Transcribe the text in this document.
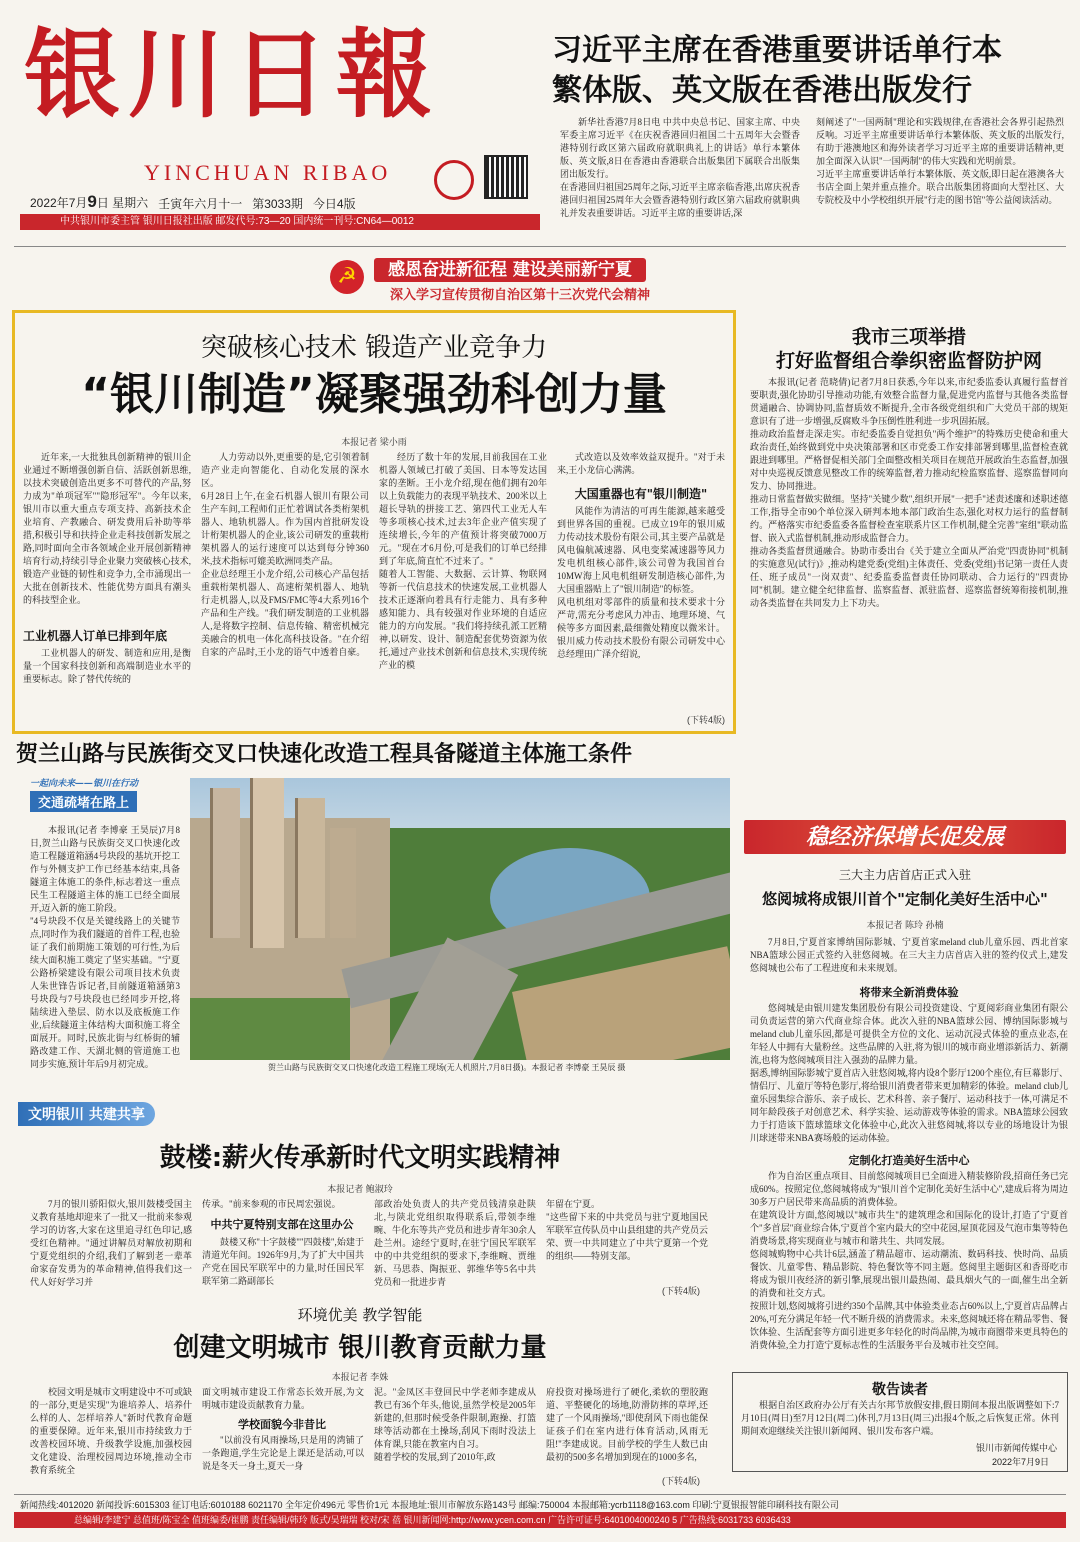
银川日報
YINCHUAN RIBAO
2022年7月9日 星期六 壬寅年六月十一 第3033期 今日4版
中共银川市委主管 银川日报社出版 邮发代号:73—20 国内统一刊号:CN64—0012
习近平主席在香港重要讲话单行本
繁体版、英文版在香港出版发行
新华社香港7月8日电 中共中央总书记、国家主席、中央军委主席习近平《在庆祝香港回归祖国二十五周年大会暨香港特别行政区第六届政府就职典礼上的讲话》单行本繁体版、英文版,8日在香港由香港联合出版集团下属联合出版集团出版发行。
在香港回归祖国25周年之际,习近平主席亲临香港,出席庆祝香港回归祖国25周年大会暨香港特别行政区第六届政府就职典礼并发表重要讲话。习近平主席的重要讲话,深
刻阐述了"一国两制"理论和实践规律,在香港社会各界引起热烈反响。习近平主席重要讲话单行本繁体版、英文版的出版发行,有助于港澳地区和海外读者学习习近平主席的重要讲话精神,更加全面深入认识"一国两制"的伟大实践和光明前景。
习近平主席重要讲话单行本繁体版、英文版,即日起在港澳各大书店全面上架并重点推介。联合出版集团将面向大型社区、大专院校及中小学校组织开展"行走的图书馆"等公益阅读活动。
☭	感恩奋进新征程 建设美丽新宁夏
深入学习宣传贯彻自治区第十三次党代会精神
突破核心技术 锻造产业竞争力
“银川制造”凝聚强劲科创力量
本报记者 梁小雨
近年来,一大批独具创新精神的银川企业通过不断增强创新自信、活跃创新思维,以技术突破创造出更多不可替代的产品,努力成为"单项冠军""隐形冠军"。今年以来,银川市以重大重点专项支持、高新技术企业培育、产教融合、研发费用后补助等举措,积极引导和扶持企业走科技创新发展之路,同时面向全市各领域企业开展创新精神培育行动,持续引导企业聚力突破核心技术,锻造产业链的韧性和竞争力,全市涌现出一大批在创新技术、性能优势方面具有潮头的科技型企业。
工业机器人订单已排到年底
工业机器人的研发、制造和应用,是衡量一个国家科技创新和高端制造业水平的重要标志。除了替代传统的
人力劳动以外,更重要的是,它引领着制造产业走向智能化、自动化发展的深水区。
6月28日上午,在金石机器人银川有限公司生产车间,工程师们正忙着调试各类桁架机器人、地轨机器人。作为国内首批研发设计桁架机器人的企业,该公司研发的重载桁架机器人的运行速度可以达到每分钟360米,技术指标可媲美欧洲同类产品。
企业总经理王小龙介绍,公司核心产品包括重载桁架机器人、高速桁架机器人、地轨行走机器人,以及FMS/FMC等4大系列16个产品和生产线。"我们研发制造的工业机器人,是将数字控制、信息传输、精密机械完美融合的机电一体化高科技设备。"在介绍自家的产品时,王小龙的语气中透着自豪。
经历了数十年的发展,目前我国在工业机器人领域已打破了美国、日本等发达国家的垄断。王小龙介绍,现在他们拥有20年以上负载能力的表现平轨技术、200米以上超长导轨的拼接工艺、第四代工业无人车等多项核心技术,过去3年企业产值实现了连续增长,今年的产值预计将突破7000万元。"现在才6月份,可是我们的订单已经排到了年底,简直忙不过来了。"
随着人工智能、大数据、云计算、物联网等新一代信息技术的快速发展,工业机器人技术正逐渐向着具有行走能力、具有多种感知能力、具有较强对作业环境的自适应能力的方向发展。"我们将持续孔派工匠精神,以研发、设计、制造配套优势资源为依托,通过产业技术创新和信息技术,实现传统产业的模
式改造以及效率效益双提升。"对于未来,王小龙信心满满。
大国重器也有"银川制造"
风能作为清洁的可再生能源,越来越受到世界各国的重视。已成立19年的银川威力传动技术股份有限公司,其主要产品就是风电偏航减速器、风电变桨减速器等风力发电机组核心部件,该公司曾为我国首台10MW海上风电机组研发制造核心部件,为大国重器贴上了"银川制造"的标签。
风电机组对零部件的质量和技术要求十分严苛,需充分考虑风力冲击、地理环境、气候等多方面因素,最细微处精度以微米计。银川威力传动技术股份有限公司研发中心总经理田广泽介绍说,
(下转4版)
我市三项举措
打好监督组合拳织密监督防护网
本报讯(记者 范晓倩)记者7月8日获悉,今年以来,市纪委监委认真履行监督首要职责,强化协助引导推动功能,有效整合监督力量,促进党内监督与其他各类监督贯通融合、协调协同,监督质效不断提升,全市各级党组织和广大党员干部的规矩意识有了进一步增强,反腐败斗争压倒性胜利进一步巩固拓展。
推动政治监督走深走实。市纪委监委自觉担负"两个维护"的特殊历史使命和重大政治责任,始终做到党中央决策部署和区市党委工作安排部署到哪里,监督检查就跟进到哪里。严格督促相关部门全面整改相关项目在规范开展政治生态监督,加强对中央巡视反馈意见整改工作的统筹监督,着力推动纪检监察监督、巡察监督同向发力、协同推进。
推动日常监督做实做细。坚持"关键少数",组织开展"一把手"述责述廉和述职述德工作,指导全市90个单位深入研判本地本部门政治生态,强化对权力运行的监督制约。严格落实市纪委监委各监督检查室联系片区工作机制,健全完善"室组"联动监督、嵌入式监督机制,推动形成监督合力。
推动各类监督贯通融合。协助市委出台《关于建立全面从严治党"四责协同"机制的实施意见(试行)》,推动构建党委(党组)主体责任、党委(党组)书记第一责任人责任、班子成员"一岗双责"、纪委监委监督责任协同联动、合力运行的"四责协同"机制。建立健全纪律监督、监察监督、派驻监督、巡察监督统筹衔接机制,推动各类监督在共同发力上下功夫。
稳经济保增长促发展
三大主力店首店正式入驻
悠阅城将成银川首个"定制化美好生活中心"
本报记者 陈玲 孙楠
7月8日,宁夏首家博纳国际影城、宁夏首家meland club儿童乐园、西北首家NBA篮球公园正式签约入驻悠阅城。在三大主力店首店入驻的签约仪式上,建发悠阅城也公布了工程进度和未来规划。
将带来全新消费体验
悠阅城是由银川建发集团股份有限公司投资建设、宁夏阅彩商业集团有限公司负责运营的第六代商业综合体。此次入驻的NBA篮球公园、博纳国际影城与meland club儿童乐园,都是可提供全方位的文化、运动沉浸式体验的重点业态,在年轻人中拥有大量粉丝。这些品牌的入驻,将为银川的城市商业增添新活力、新潮流,也将为悠阅城项目注入强劲的品牌力量。
据悉,博纳国际影城宁夏首店入驻悠阅城,将内设8个影厅1200个座位,有巨幕影厅、情侣厅、儿童厅等特色影厅,将给银川消费者带来更加精彩的体验。meland club儿童乐园集综合游乐、亲子成长、艺术科普、亲子餐厅、运动科技于一体,可满足不同年龄段孩子对创意艺术、科学实验、运动游戏等体验的需求。NBA篮球公园致力于打造该下篮球篮球文化体验中心,此次入驻悠阅城,将以专业的场地设计为银川球迷带来NBA赛场般的运动体验。
定制化打造美好生活中心
作为自治区重点项目、目前悠阅城项目已全面进入精装修阶段,招商任务已完成60%。按照定位,悠阅城将成为"银川首个定制化美好生活中心",建成后将为周边30多万户居民带来高品质的消费体验。
在建筑设计方面,悠阅城以"城市共生"的建筑理念和国际化的设计,打造了宁夏首个"多首层"商业综合体,宁夏首个室内最大的空中花园,屋顶花园及气泡市集等特色消费场景,将实现商业与城市和谐共生、共同发展。
悠阅城购物中心共计6层,涵盖了精品超市、运动潮流、数码科技、快时尚、品质餐饮、儿童零售、精品影院、特色餐饮等不同主题。悠阅里主题街区和香哥吃市将成为银川夜经济的新引擎,展现出银川最热闹、最具烟火气的一面,催生出全新的消费和社交方式。
按照计划,悠阅城将引进约350个品牌,其中体验类业态占60%以上,宁夏首店品牌占20%,可充分满足年轻一代不断升级的消费需求。未来,悠阅城还将在精品零售、餐饮体验、生活配套等方面引进更多年轻化的时尚品牌,为城市商圈带来更具特色的消费体验,全力打造宁夏标志性的生活服务平台及城市社交空间。
敬告读者
根据自治区政府办公厅有关古尔邦节放假安排,假日期间本报出版调整如下:7月10日(周日)至7月12日(周二)休刊,7月13日(周三)出报4个版,之后恢复正常。休刊期间欢迎继续关注银川新闻网、银川发布客户端。
银川市新闻传媒中心
2022年7月9日
贺兰山路与民族街交叉口快速化改造工程具备隧道主体施工条件
一起向未来——银川在行动
交通疏堵在路上
本报讯(记者 李博豪 王昊辰)7月8日,贺兰山路与民族街交叉口快速化改造工程隧道箱涵4号块段的基坑开挖工作与外侧支护工作已经基本结束,具备隧道主体施工的条件,标志着这一重点民生工程隧道主体的施工已经全面展开,迈入新的施工阶段。
"4号块段不仅是关键线路上的关键节点,同时作为我们隧道的首件工程,也验证了我们前期施工策划的可行性,为后续大面积施工奠定了坚实基础。"宁夏公路桥梁建设有限公司项目技术负责人朱世锋告诉记者,目前隧道箱涵第3号块段与7号块段也已经同步开挖,将陆续进入垫层、防水以及底板施工作业,后续隧道主体结构大面积施工将全面展开。同时,民族北街与红桥街的辅路改建工作、天湖北侧的管道施工也同步实施,预计年后9月初完成。	贺兰山路与民族街交叉口快速化改造工程施工现场(无人机照片,7月8日摄)。本报记者 李博豪 王昊辰 摄
文明银川 共建共享
鼓楼:薪火传承新时代文明实践精神
本报记者 鲍淑玲
7月的银川骄阳似火,银川鼓楼受国主义教育基地却迎来了一批又一批前来参观学习的访客,大家在这里追寻红色印记,感受红色精神。"通过讲解员对解放初期和宁夏党组织的介绍,我们了解到老一辈革命家奋发勇为的革命精神,值得我们这一代人好好学习并
传承。"前来参观的市民周宏强说。
中共宁夏特别支部在这里办公
鼓楼又称"十字鼓楼""四鼓楼",始建于清道光年间。1926年9月,为了扩大中国共产党在国民军联军中的力量,时任国民军联军第二路副部长
部政治处负责人的共产党员钱清泉赴陕北,与陕北党组织取得联系后,带领李维畹、牛化东等共产党员和进步青年30余人赴兰州。途经宁夏时,在驻宁国民军联军中的中共党组织的要求下,李维畹、贾维新、马思恭、陶振亚、郭维华等5名中共党员和一批进步青
年留在宁夏。
"这些留下来的中共党员与驻宁夏地国民军联军宣传队员中山县组建的共产党员云荣、贾一中共同建立了中共宁夏第一个党的组织——特别支部。
(下转4版)
环境优美 教学智能
创建文明城市 银川教育贡献力量
本报记者 李姝
校园文明是城市文明建设中不可或缺的一部分,更是实现"为谁培养人、培养什么样的人、怎样培养人"新时代教育命题的重要保障。近年来,银川市持续致力于改善校园环境、升级教学设施,加强校园文化建设、治理校园周边环境,推动全市教育系统全
面文明城市建设工作常态长效开展,为文明城市建设贡献教育力量。
学校面貌今非昔比
"以前没有风雨操场,只是用的湾铺了一条跑道,学生完论是上课还是活动,可以说是冬天一身土,夏天一身
泥。"金凤区丰登回民中学老师李建成从教已有36个年头,他说,虽然学校是2005年新建的,但那时候受条件限制,跑操、打篮球等活动都在土操场,刮风下雨时没法上体育课,只能在教室内自习。
随着学校的发展,到了2010年,政
府投资对操场进行了硬化,柔软的塑胶跑道、平整硬化的场地,防滑防摔的草坪,还建了一个风雨操场,"即使刮风下雨也能保证孩子们在室内进行体育活动,风雨无阻!"李建成说。目前学校的学生人数已由最初的500多名增加到现在的1000多名,
(下转4版)
新闻热线:4012020 新闻投诉:6015303 征订电话:6010188 6021170 全年定价496元 零售价1元 本报地址:银川市解放东路143号 邮编:750004 本报邮箱:ycrb1118@163.com 印刷:宁夏银报智能印刷科技有限公司
总编辑/李建宁 总值班/陈宝全 值班编委/崔鹏 责任编辑/韩玲 版式/吴瑞瑞 校对/宋 蓓 银川新闻网:http://www.ycen.com.cn 广告许可证号:6401004000240 5 广告热线:6031733 6036433
